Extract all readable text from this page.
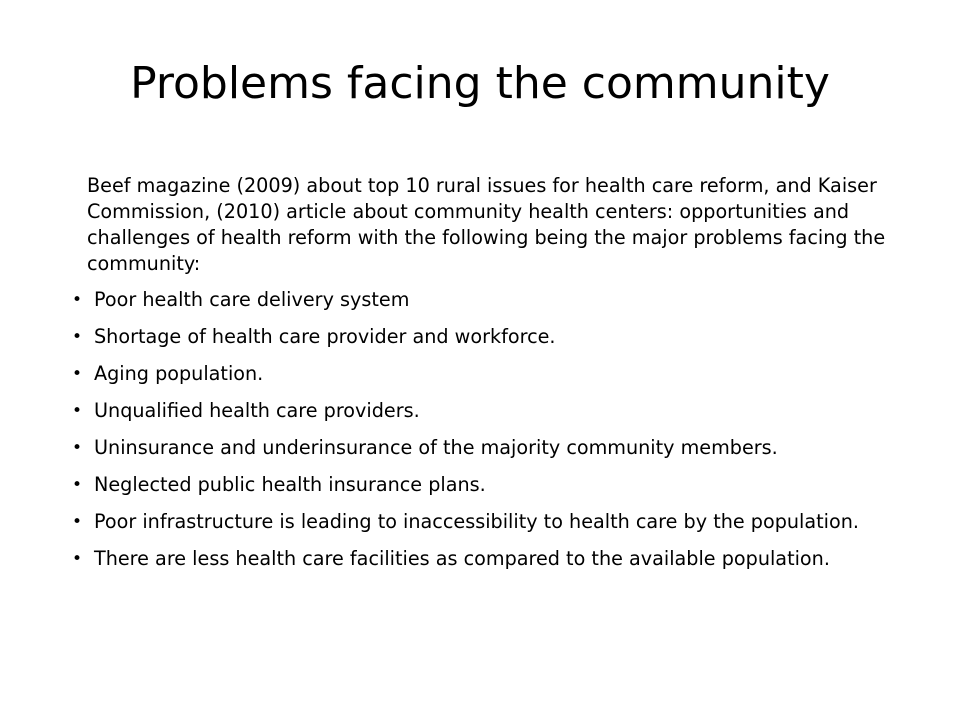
Problems facing the community

Beef magazine (2009) about top 10 rural issues for health care reform, and Kaiser Commission, (2010) article about community health centers: opportunities and challenges of health reform with the following being the major problems facing the community:

• Poor health care delivery system
• Shortage of health care provider and workforce.
• Aging population.
• Unqualified health care providers.
• Uninsurance and underinsurance of the majority community members.
• Neglected public health insurance plans.
• Poor infrastructure is leading to inaccessibility to health care by the population.
• There are less health care facilities as compared to the available population.
